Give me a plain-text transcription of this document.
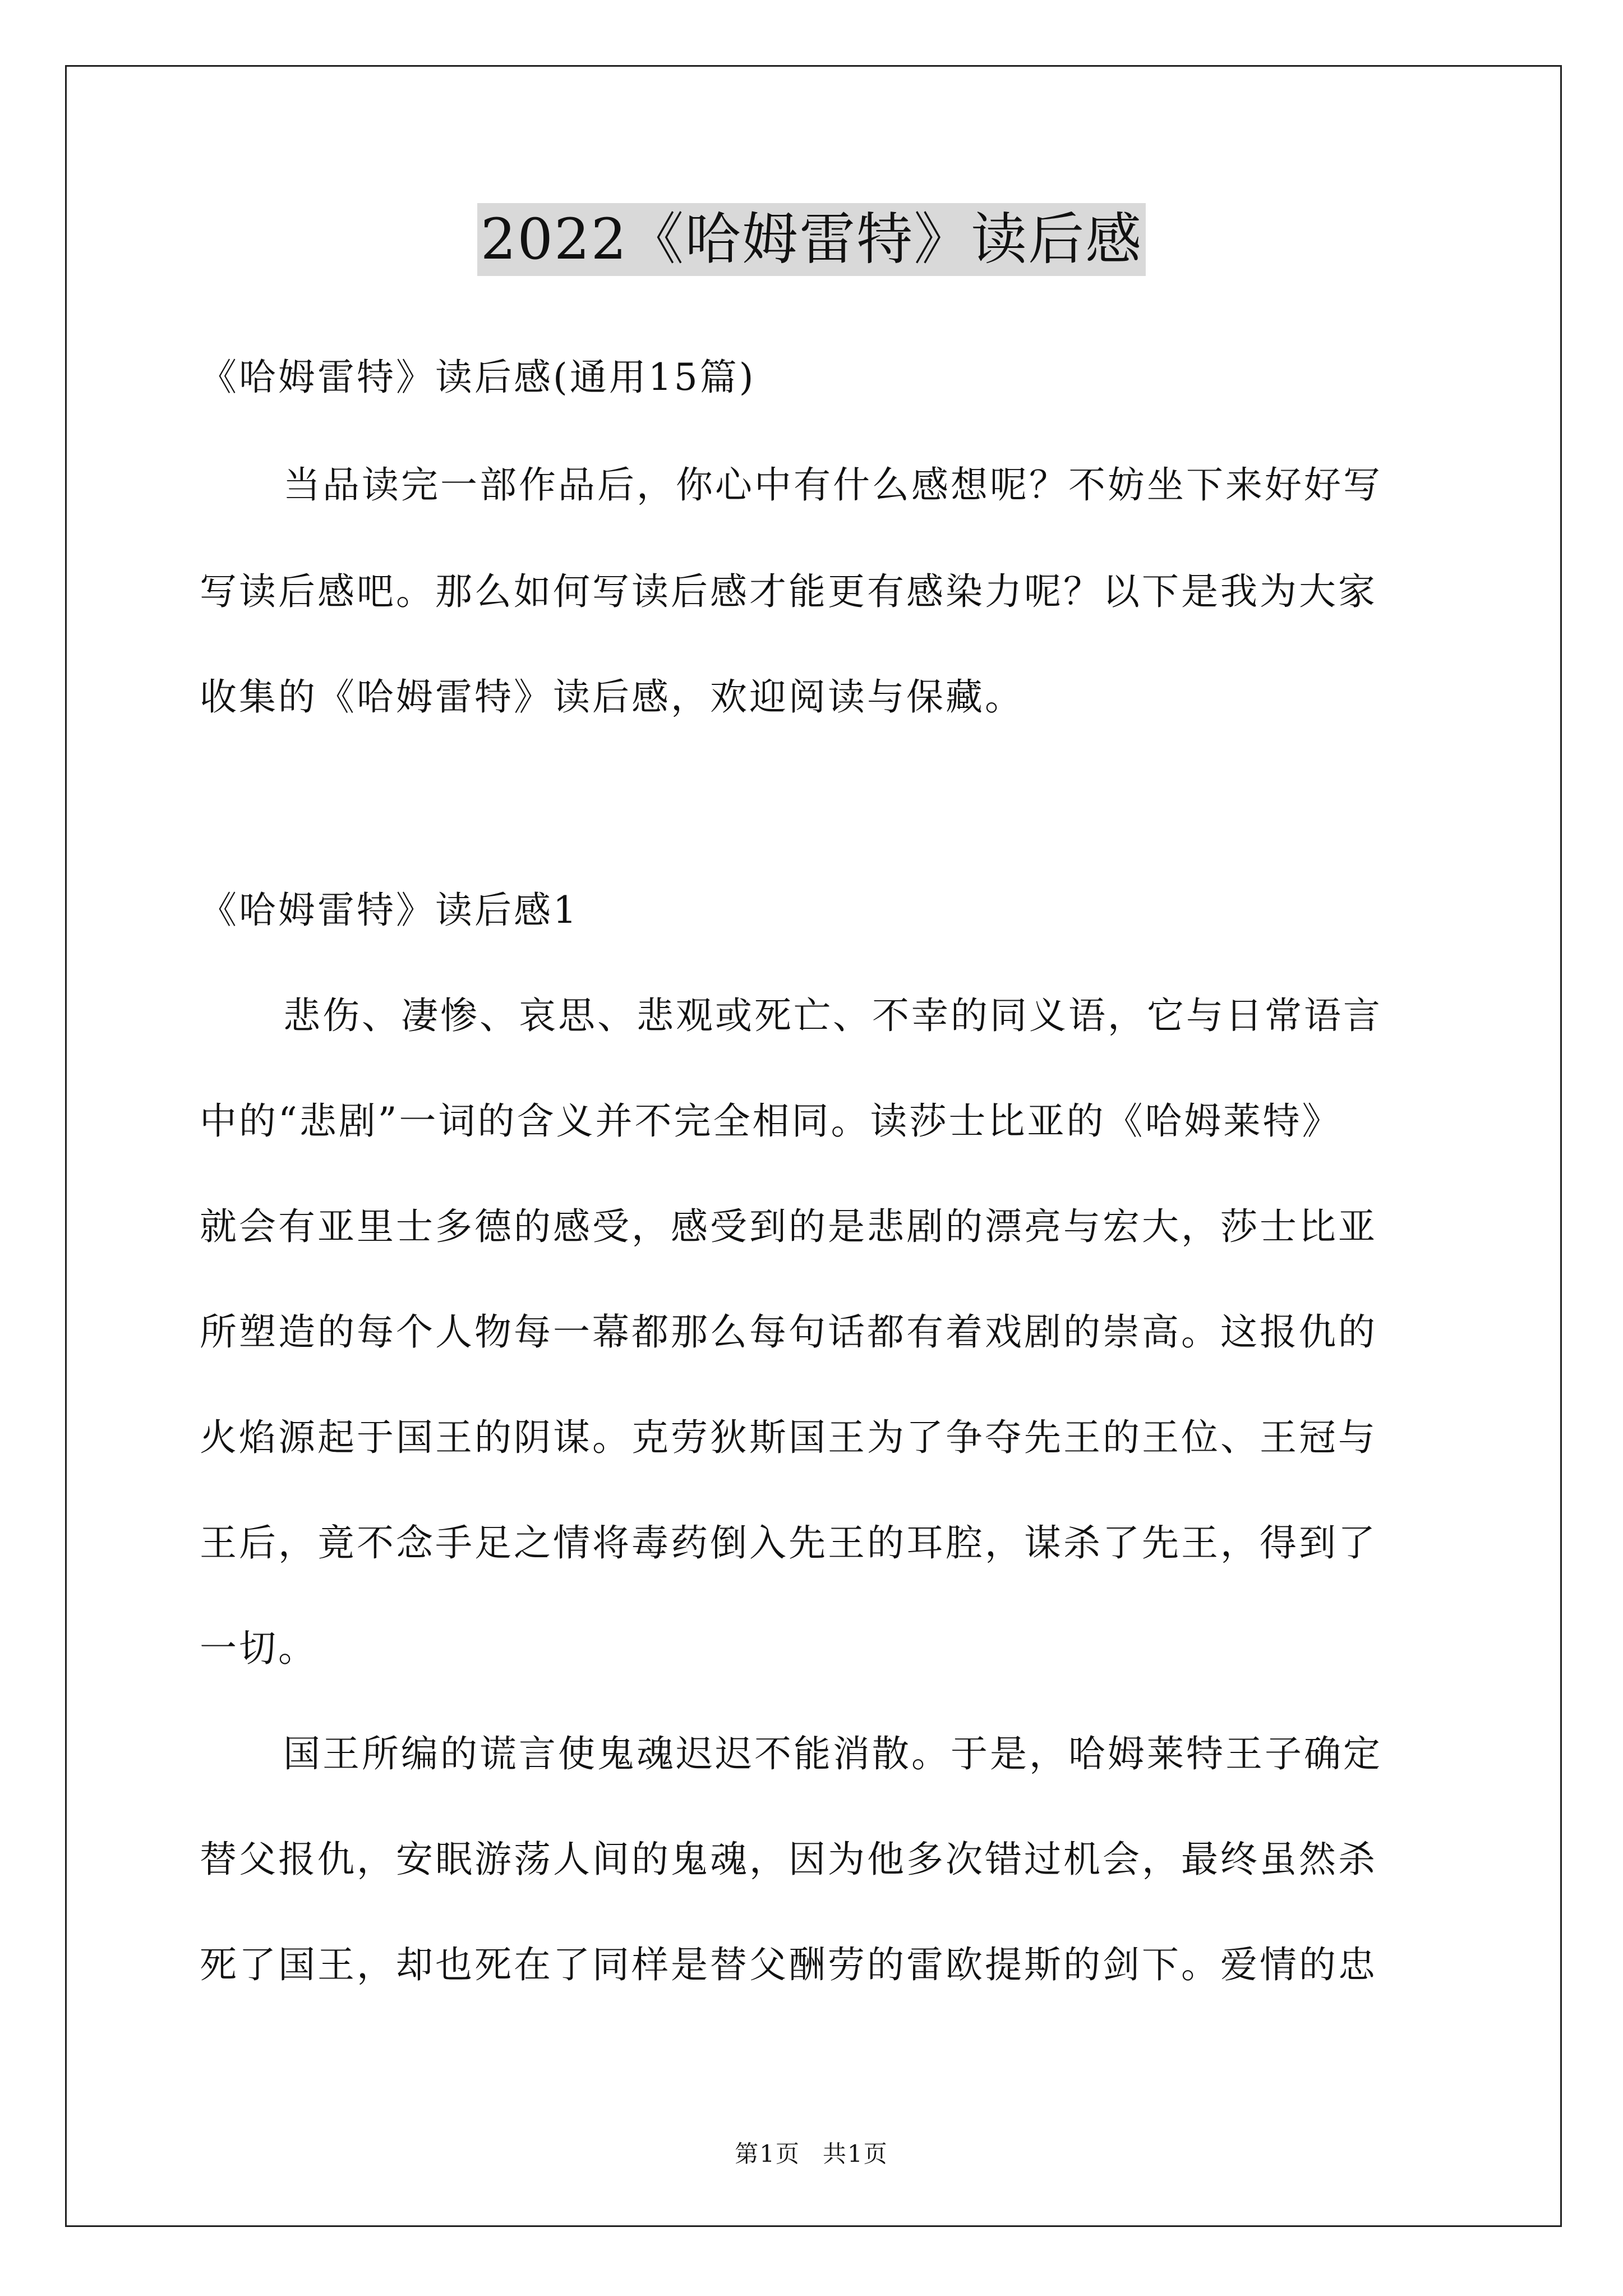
2022《哈姆雷特》读后感
《哈姆雷特》读后感(通用15篇)
当品读完一部作品后，你心中有什么感想呢？不妨坐下来好好写
写读后感吧。那么如何写读后感才能更有感染力呢？以下是我为大家
收集的《哈姆雷特》读后感，欢迎阅读与保藏。
《哈姆雷特》读后感1
悲伤、凄惨、哀思、悲观或死亡、不幸的同义语，它与日常语言
中的“悲剧”一词的含义并不完全相同。读莎士比亚的《哈姆莱特》
就会有亚里士多德的感受，感受到的是悲剧的漂亮与宏大，莎士比亚
所塑造的每个人物每一幕都那么每句话都有着戏剧的崇高。这报仇的
火焰源起于国王的阴谋。克劳狄斯国王为了争夺先王的王位、王冠与
王后，竟不念手足之情将毒药倒入先王的耳腔，谋杀了先王，得到了
一切。
国王所编的谎言使鬼魂迟迟不能消散。于是，哈姆莱特王子确定
替父报仇，安眠游荡人间的鬼魂，因为他多次错过机会，最终虽然杀
死了国王，却也死在了同样是替父酬劳的雷欧提斯的剑下。爱情的忠
第1页 共1页
